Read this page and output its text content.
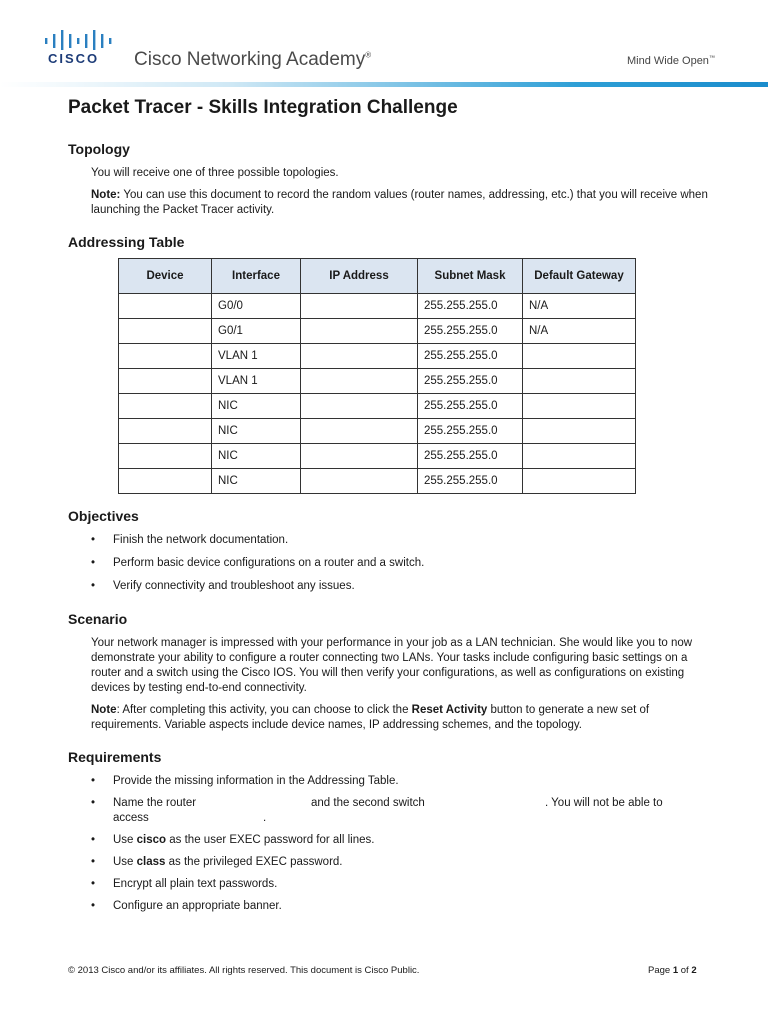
CISCO Cisco Networking Academy®	Mind Wide Open™
Packet Tracer - Skills Integration Challenge
Topology

You will receive one of three possible topologies.

Note: You can use this document to record the random values (router names, addressing, etc.) that you will receive when launching the Packet Tracer activity.

Addressing Table
Device	Interface	IP Address	Subnet Mask	Default Gateway
	G0/0		255.255.255.0	N/A
	G0/1		255.255.255.0	N/A
	VLAN 1		255.255.255.0	
	VLAN 1		255.255.255.0	
	NIC		255.255.255.0	
	NIC		255.255.255.0	
	NIC		255.255.255.0	
	NIC		255.255.255.0	
Objectives
• Finish the network documentation.
• Perform basic device configurations on a router and a switch.
• Verify connectivity and troubleshoot any issues.
Scenario

Your network manager is impressed with your performance in your job as a LAN technician. She would like you to now demonstrate your ability to configure a router connecting two LANs. Your tasks include configuring basic settings on a router and a switch using the Cisco IOS. You will then verify your configurations, as well as configurations on existing devices by testing end-to-end connectivity.

Note: After completing this activity, you can choose to click the Reset Activity button to generate a new set of requirements. Variable aspects include device names, IP addressing schemes, and the topology.

Requirements
• Provide the missing information in the Addressing Table.
• Name the router	and the second switch	. You will not be able to
access	.
• Use cisco as the user EXEC password for all lines.
• Use class as the privileged EXEC password.
• Encrypt all plain text passwords.
• Configure an appropriate banner.
© 2013 Cisco and/or its affiliates. All rights reserved. This document is Cisco Public.	Page 1 of 2
